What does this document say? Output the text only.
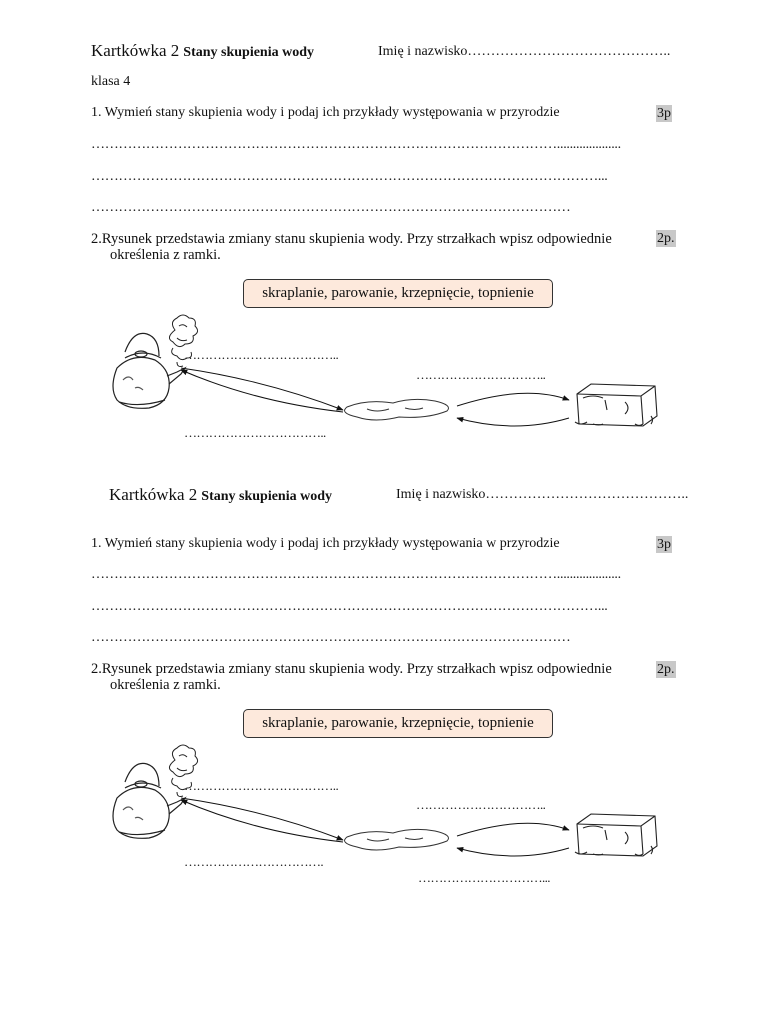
Kartkówka 2 Stany skupienia wody	Imię i nazwisko……………………………………..
klasa 4
1. Wymień stany skupienia wody i podaj ich przykłady występowania w przyrodzie	3p
…………………………………………………………………………………………....................
…………………………………………………………………………………………………...
……………………………………………………………………………………………
2.Rysunek przedstawia zmiany stanu skupienia wody. Przy strzałkach wpisz odpowiednie
określenia z ramki.
2p.
skraplanie, parowanie, krzepnięcie, topnienie
………………………………..
…………………………..
……………………………..
Kartkówka 2 Stany skupienia wody	Imię i nazwisko……………………………………..
1. Wymień stany skupienia wody i podaj ich przykłady występowania w przyrodzie	3p
…………………………………………………………………………………………....................
…………………………………………………………………………………………………...
……………………………………………………………………………………………
2.Rysunek przedstawia zmiany stanu skupienia wody. Przy strzałkach wpisz odpowiednie
określenia z ramki.
2p.
skraplanie, parowanie, krzepnięcie, topnienie
………………………………..
…………………………..
…………………………….
…………………………...
